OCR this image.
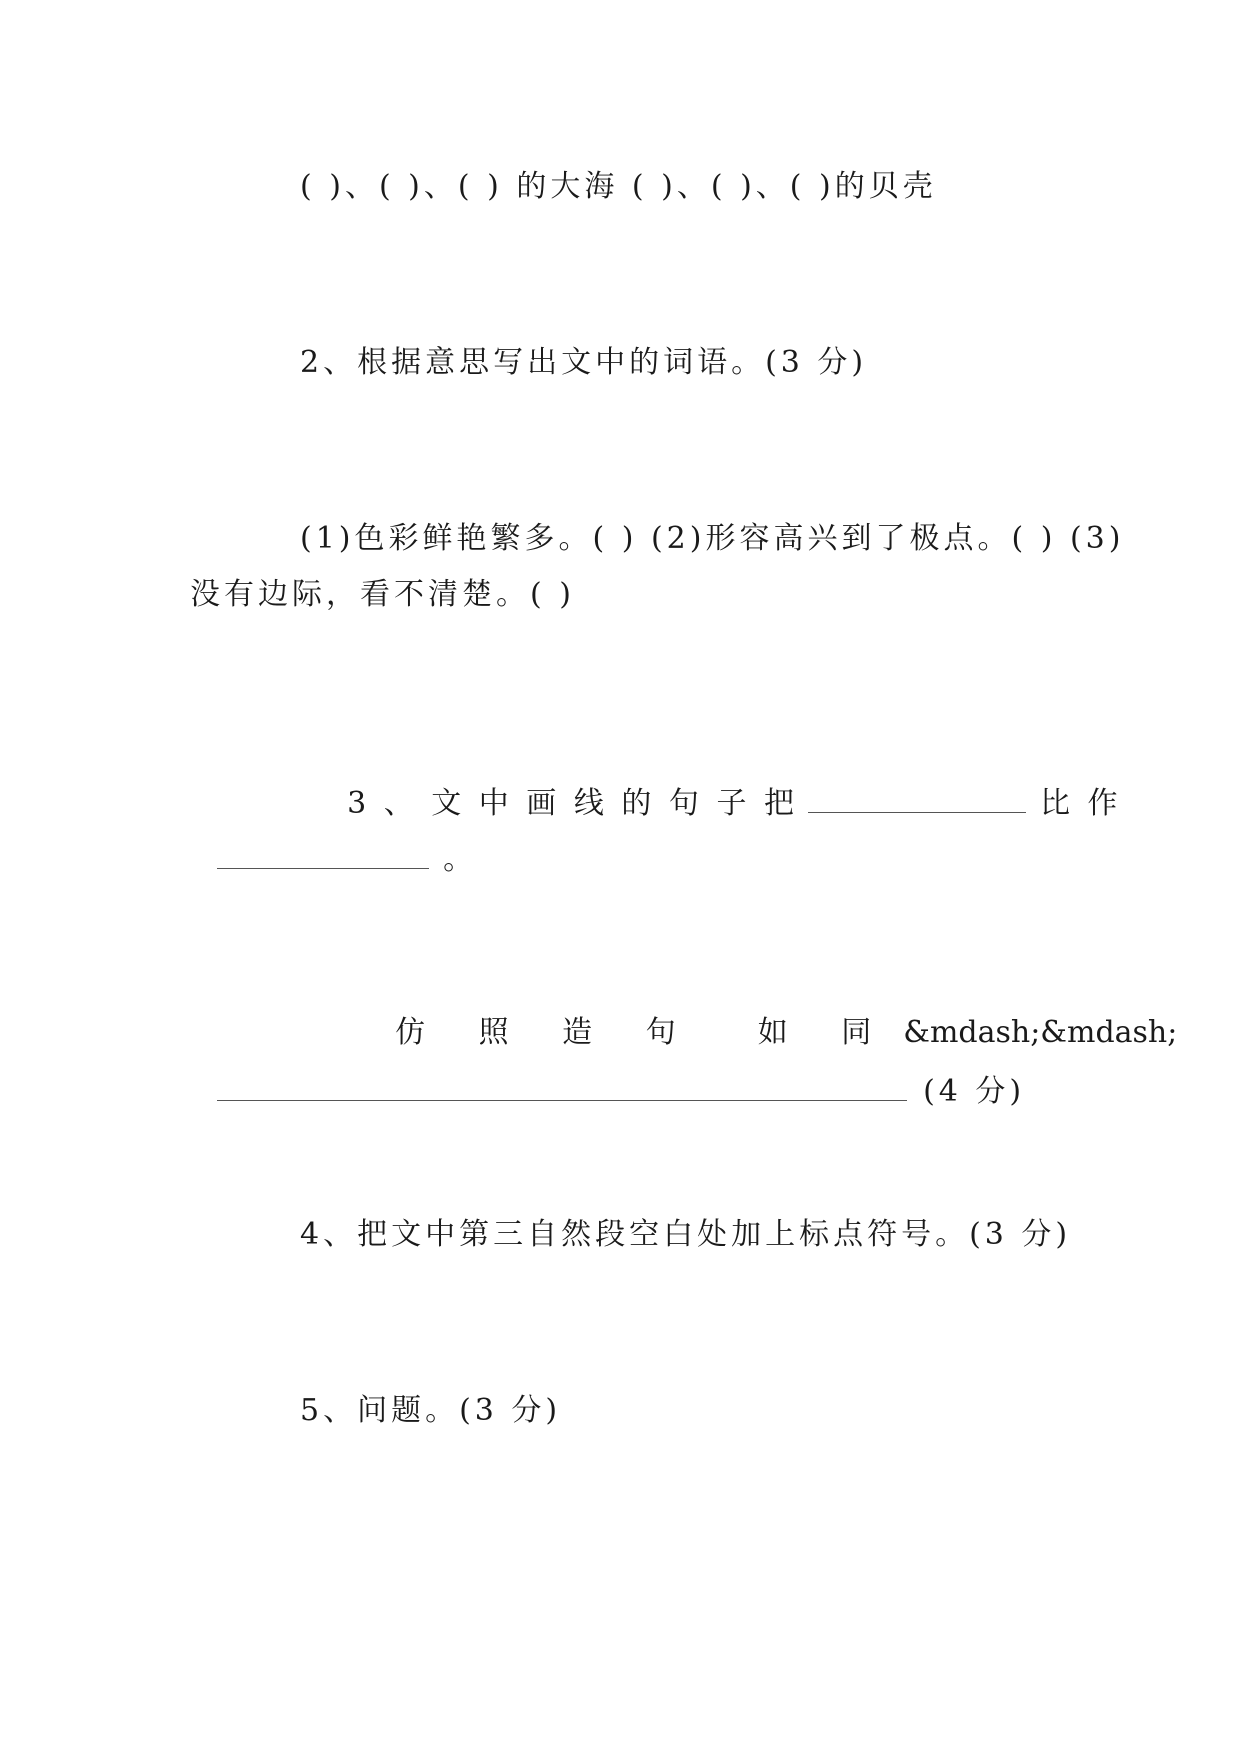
( )、( )、( ) 的大海 ( )、( )、( )的贝壳
2、根据意思写出文中的词语。(3 分)
(1)色彩鲜艳繁多。( ) (2)形容高兴到了极点。( ) (3)
没有边际，看不清楚。( )

3 、 文 中 画 线 的 句 子 把	比 作

。

仿 照 造 句 如 同 &mdash;&mdash;

(4 分)

4、把文中第三自然段空白处加上标点符号。(3 分)
5、问题。(3 分)
